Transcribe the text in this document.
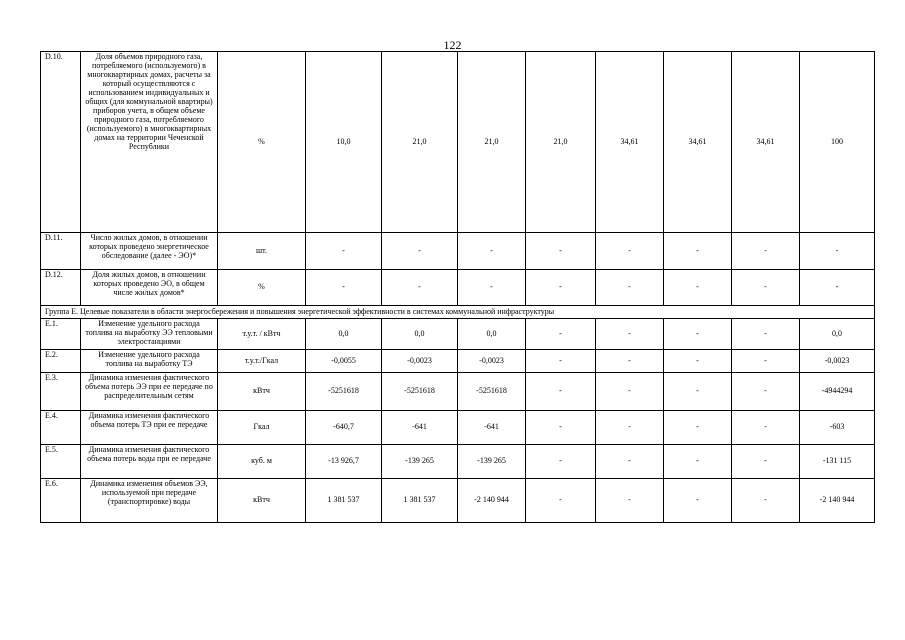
122
D.10.	Доля объемов природного газа, потребляемого (используемого) в многоквартирных домах, расчеты за который осуществляются с использованием индивидуальных и общих (для коммунальной квартиры) приборов учета, в общем объеме природного газа, потребляемого (используемого) в многоквартирных домах на территории Чеченской Республики	%	10,0	21,0	21,0	21,0	34,61	34,61	34,61	100
D.11.	Число жилых домов, в отношении которых проведено энергетическое обследование (далее - ЭО)*	шт.	-	-	-	-	-	-	-	-
D.12.	Доля жилых домов, в отношении которых проведено ЭО, в общем числе жилых домов*	%	-	-	-	-	-	-	-	-
Группа E. Целевые показатели в области энергосбережения и повышения энергетической эффективности в системах коммунальной инфраструктуры										
E.1.	Изменение удельного расхода топлива на выработку ЭЭ тепловыми электростанциями	т.у.т. / кВтч	0,0	0,0	0,0	-	-	-	-	0,0
E.2.	Изменение удельного расхода топлива на выработку ТЭ	т.у.т./Гкал	-0,0055	-0,0023	-0,0023	-	-	-	-	-0,0023
E.3.	Динамика изменения фактического объема потерь ЭЭ при ее передаче по распределительным сетям	кВтч	-5251618	-5251618	-5251618	-	-	-	-	-4944294
E.4.	Динамика изменения фактического объема потерь ТЭ при ее передаче	Гкал	-640,7	-641	-641	-	-	-	-	-603
E.5.	Динамика изменения фактического объема потерь воды при ее передаче	куб. м	-13 926,7	-139 265	-139 265	-	-	-	-	-131 115
E.6.	Динамика изменения объемов ЭЭ, используемой при передаче (транспортировке) воды	кВтч	1 381 537	1 381 537	-2 140 944	-	-	-	-	-2 140 944
